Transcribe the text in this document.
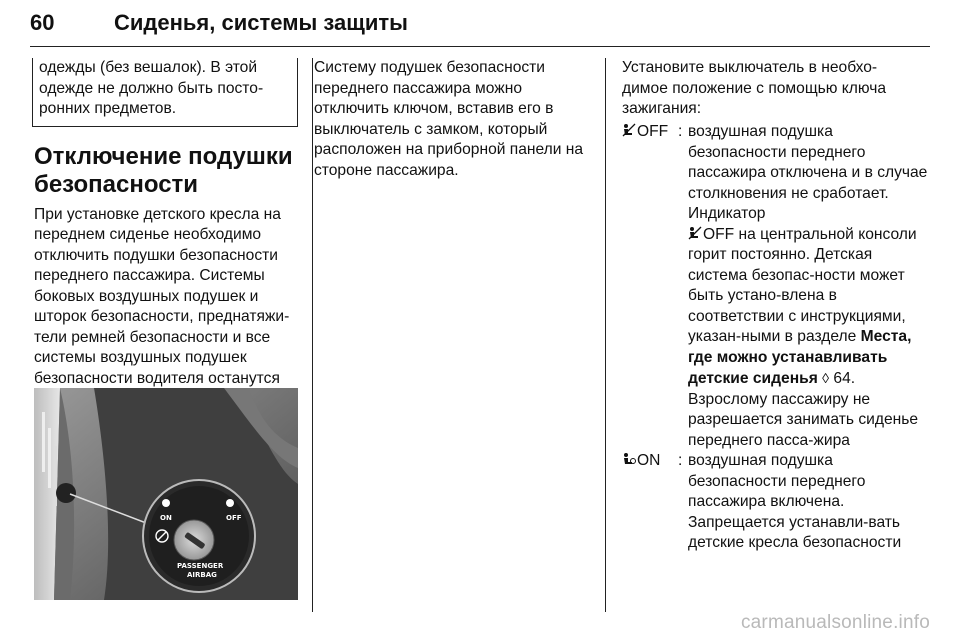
60	Сиденья, системы защиты

одежды (без вешалок). В этой одежде не должно быть посто-ронних предметов.

Отключение подушки безопасности

При установке детского кресла на переднем сиденье необходимо отключить подушки безопасности переднего пассажира. Системы боковых воздушных подушек и шторок безопасности, преднатяжи-тели ремней безопасности и все системы воздушных подушек безопасности водителя останутся

ON	OFF
PASSENGER
AIRBAG

Систему подушек безопасности переднего пассажира можно отключить ключом, вставив его в выключатель с замком, который расположен на приборной панели на стороне пассажира.

Установите выключатель в необхо-димое положение с помощью ключа зажигания:

OFF : воздушная подушка безопасности переднего пассажира отключена и в случае столкновения не сработает. Индикатор
OFF на центральной консоли горит постоянно. Детская система безопас-ности может быть устано-влена в соответствии с инструкциями, указан-ными в разделе Места, где можно устанавливать детские сиденья ◊ 64.
Взрослому пассажиру не разрешается занимать сиденье переднего пасса-жира
ON	: воздушная подушка безопасности переднего пассажира включена. Запрещается устанавли-вать детские кресла безопасности
carmanualsonline.info
